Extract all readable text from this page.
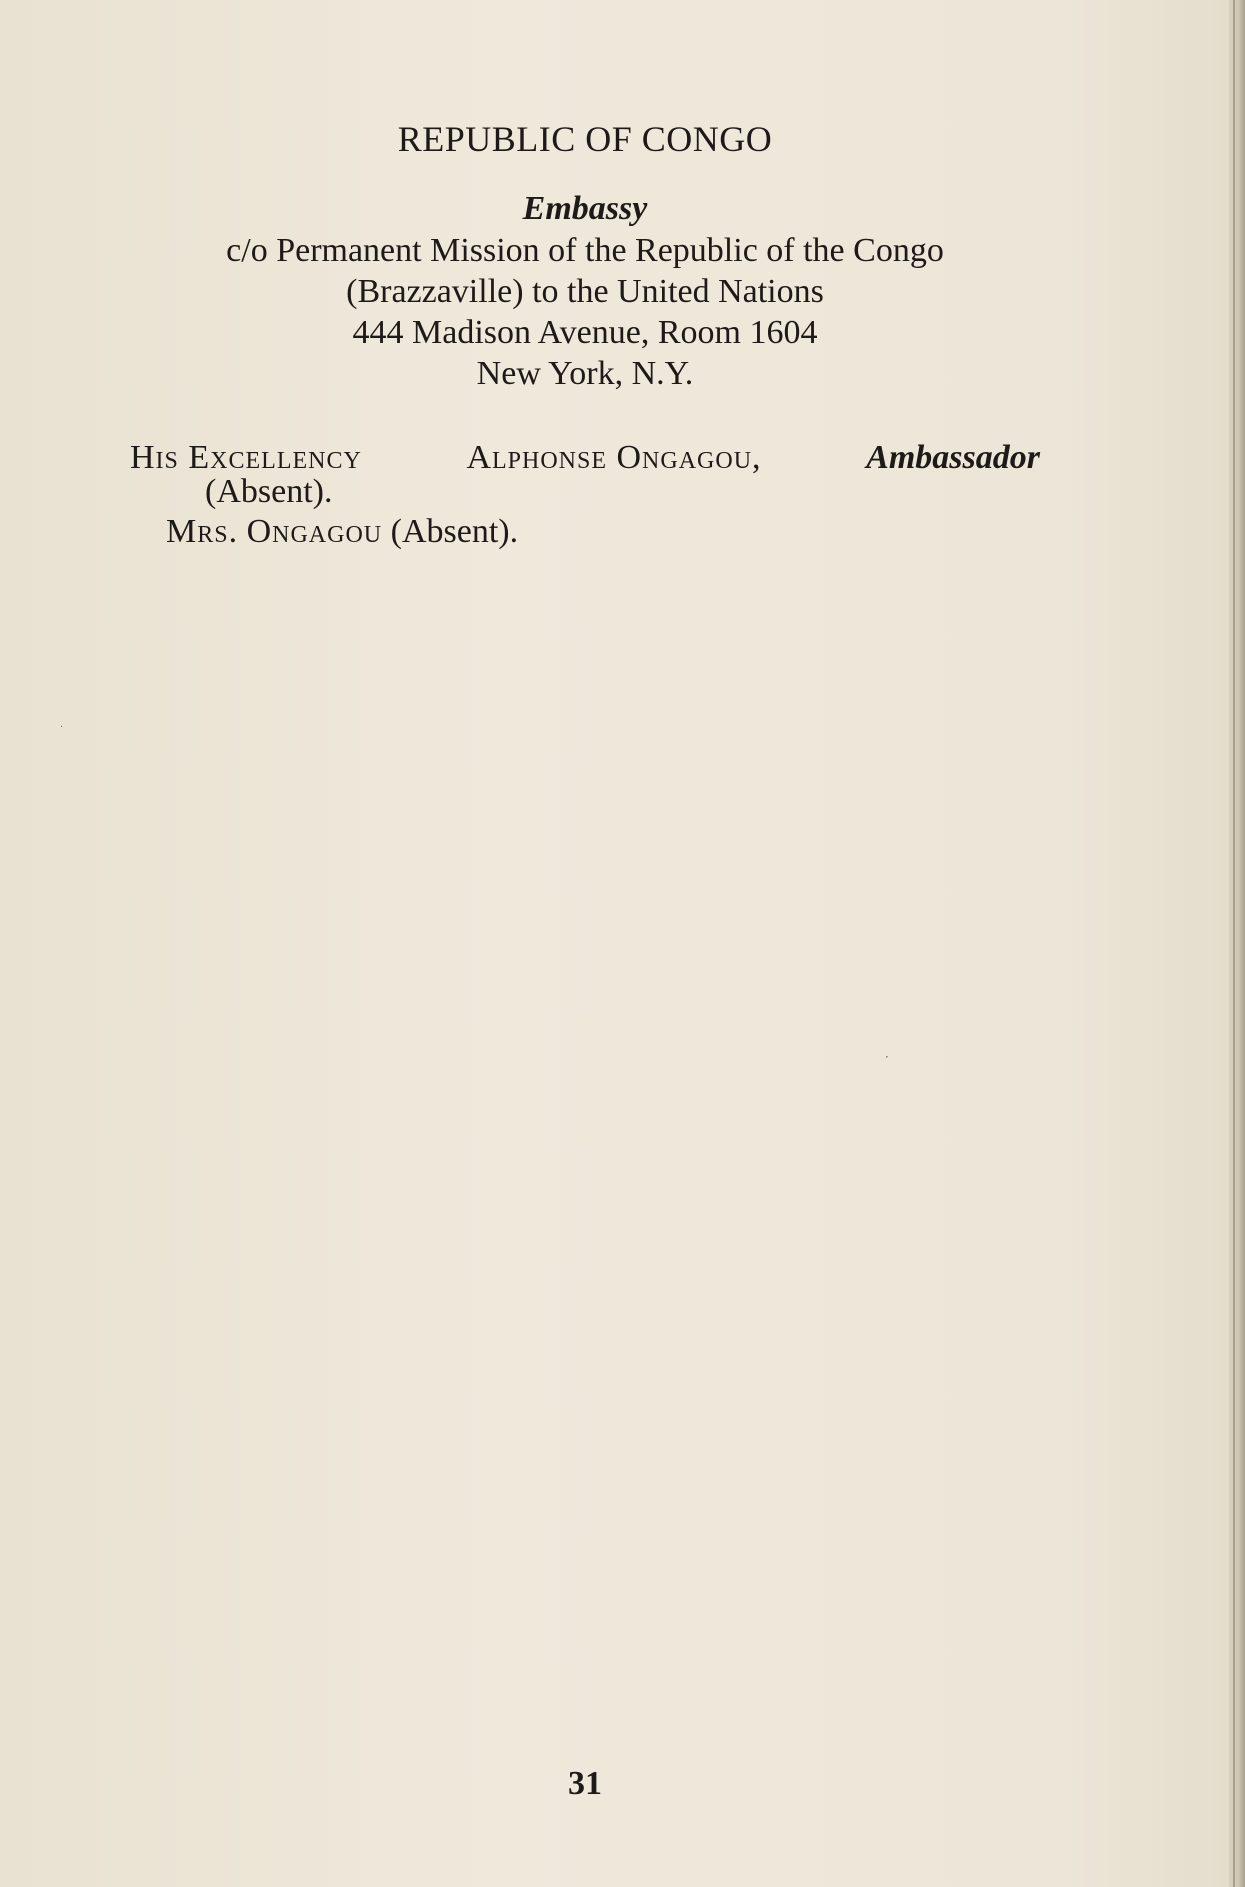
REPUBLIC OF CONGO
Embassy
c/o Permanent Mission of the Republic of the Congo
(Brazzaville) to the United Nations
444 Madison Avenue, Room 1604
New York, N.Y.
His Excellency	Alphonse Ongagou,	Ambassador
(Absent).
Mrs. Ongagou (Absent).
31
·
·
